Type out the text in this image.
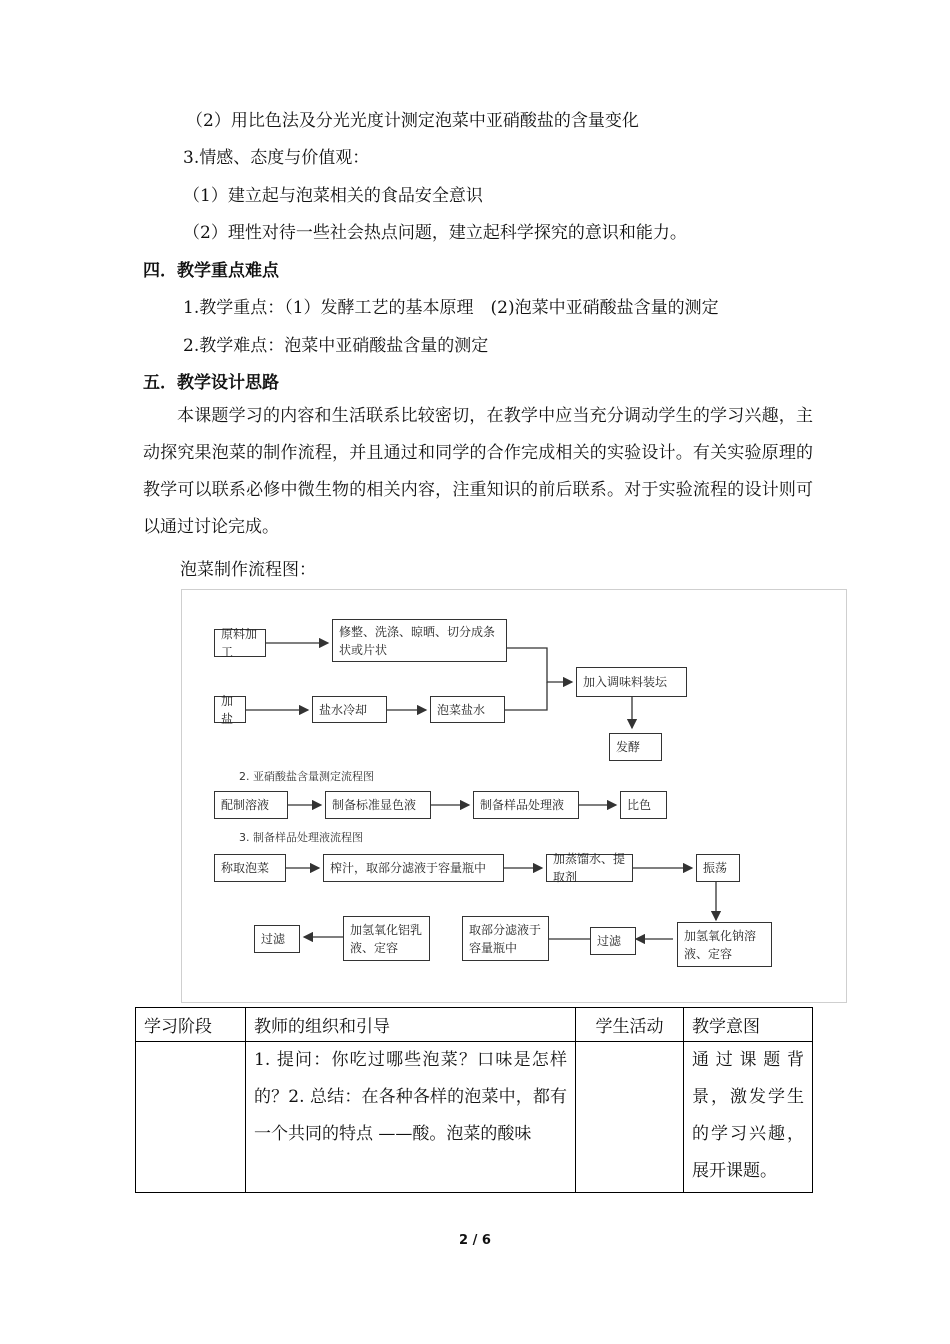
（2）用比色法及分光光度计测定泡菜中亚硝酸盐的含量变化
3.情感、态度与价值观：
（1）建立起与泡菜相关的食品安全意识
（2）理性对待一些社会热点问题，建立起科学探究的意识和能力。
四．教学重点难点
1.教学重点：（1）发酵工艺的基本原理　(2)泡菜中亚硝酸盐含量的测定
2.教学难点：泡菜中亚硝酸盐含量的测定
五．教学设计思路
本课题学习的内容和生活联系比较密切，在教学中应当充分调动学生的学习兴趣，主动探究果泡菜的制作流程，并且通过和同学的合作完成相关的实验设计。有关实验原理的教学可以联系必修中微生物的相关内容，注重知识的前后联系。对于实验流程的设计则可以通过讨论完成。
泡菜制作流程图：
原料加工
修整、洗涤、晾晒、切分成条状或片状
加入调味料装坛
加盐
盐水冷却	泡菜盐水
发酵
2. 亚硝酸盐含量测定流程图
配制溶液	制备标准显色液	制备样品处理液	比色
3. 制备样品处理液流程图
称取泡菜	榨汁，取部分滤液于容量瓶中
加蒸馏水、提取剂
振荡
加氢氧化钠溶液、定容
过滤
取部分滤液于容量瓶中
加氢氧化铝乳液、定容
过滤
学习阶段	教师的组织和引导	学生活动	教学意图
	1. 提问：你吃过哪些泡菜？口味是怎样的？2. 总结：在各种各样的泡菜中，都有一个共同的特点 ——酸。泡菜的酸味		通过课题背景，激发学生的学习兴趣，展开课题。
2 / 6
